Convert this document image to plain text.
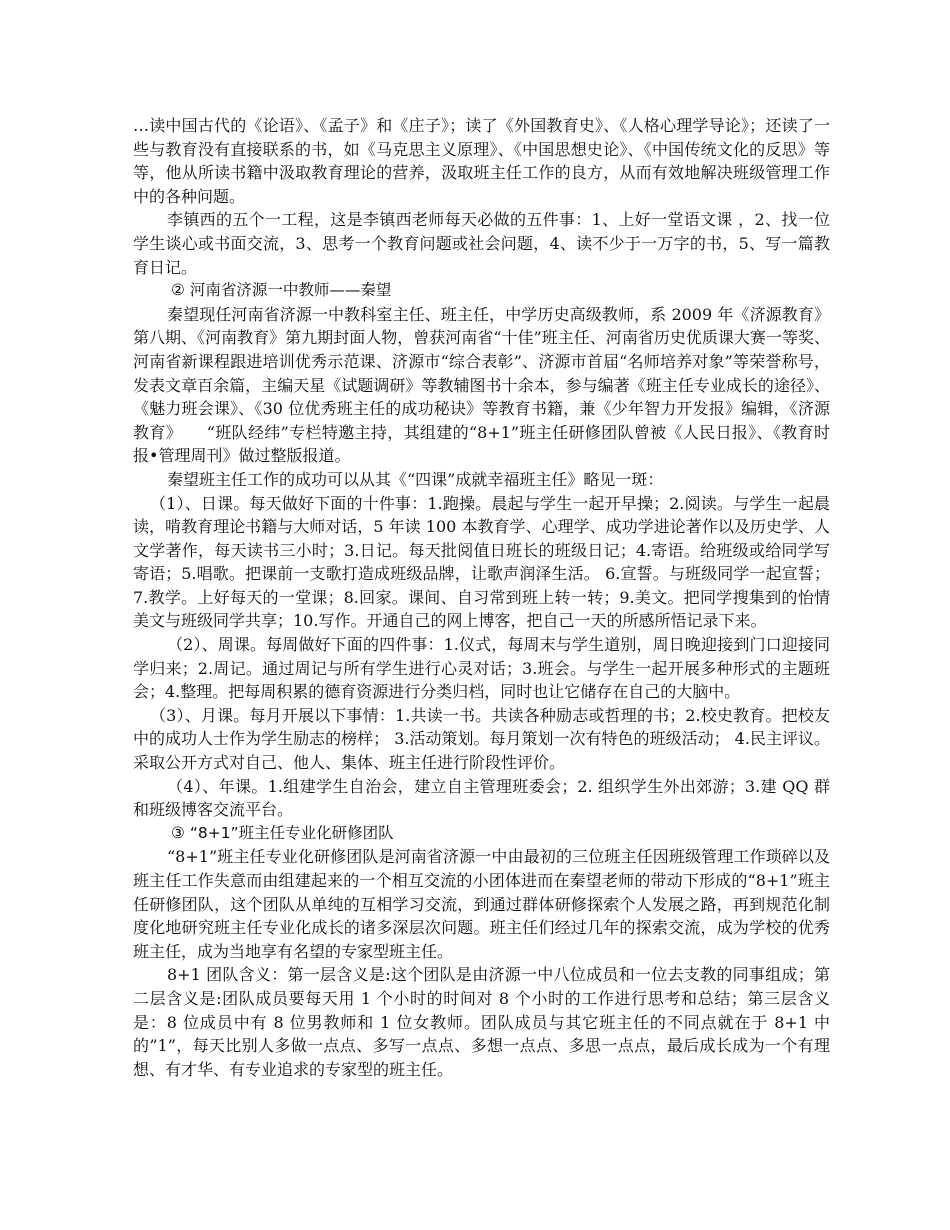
…读中国古代的《论语》、《孟子》和《庄子》；读了《外国教育史》、《人格心理学导论》；还读了一些与教育没有直接联系的书，如《马克思主义原理》、《中国思想史论》、《中国传统文化的反思》等等，他从所读书籍中汲取教育理论的营养，汲取班主任工作的良方，从而有效地解决班级管理工作中的各种问题。

李镇西的五个一工程，这是李镇西老师每天必做的五件事：1、上好一堂语文课 ，2、找一位学生谈心或书面交流，3、思考一个教育问题或社会问题，4、读不少于一万字的书，5、写一篇教育日记。

② 河南省济源一中教师——秦望

秦望现任河南省济源一中教科室主任、班主任，中学历史高级教师，系 2009 年《济源教育》第八期、《河南教育》第九期封面人物，曾获河南省“十佳”班主任、河南省历史优质课大赛一等奖、河南省新课程跟进培训优秀示范课、济源市“综合表彰”、济源市首届“名师培养对象”等荣誉称号，发表文章百余篇，主编天星《试题调研》等教辅图书十余本，参与编著《班主任专业成长的途径》、《魅力班会课》、《30 位优秀班主任的成功秘诀》等教育书籍，兼《少年智力开发报》编辑，《济源教育》　　“班队经纬”专栏特邀主持，其组建的“8+1”班主任研修团队曾被《人民日报》、《教育时报•管理周刊》做过整版报道。

秦望班主任工作的成功可以从其《“四课”成就幸福班主任》略见一斑：

（1）、日课。每天做好下面的十件事：1.跑操。晨起与学生一起开早操；2.阅读。与学生一起晨读，啃教育理论书籍与大师对话，5 年读 100 本教育学、心理学、成功学进论著作以及历史学、人文学著作，每天读书三小时；3.日记。每天批阅值日班长的班级日记；4.寄语。给班级或给同学写寄语；5.唱歌。把课前一支歌打造成班级品牌，让歌声润泽生活。 6.宣誓。与班级同学一起宣誓；7.教学。上好每天的一堂课；8.回家。课间、自习常到班上转一转；9.美文。把同学搜集到的怡情美文与班级同学共享；10.写作。开通自己的网上博客，把自己一天的所感所悟记录下来。

（2）、周课。每周做好下面的四件事：1.仪式，每周末与学生道别，周日晚迎接到门口迎接同学归来；2.周记。通过周记与所有学生进行心灵对话；3.班会。与学生一起开展多种形式的主题班会；4.整理。把每周积累的德育资源进行分类归档，同时也让它储存在自己的大脑中。

（3）、月课。每月开展以下事情：1.共读一书。共读各种励志或哲理的书；2.校史教育。把校友中的成功人士作为学生励志的榜样； 3.活动策划。每月策划一次有特色的班级活动； 4.民主评议。采取公开方式对自己、他人、集体、班主任进行阶段性评价。

（4）、年课。1.组建学生自治会，建立自主管理班委会；2. 组织学生外出郊游；3.建 QQ 群和班级博客交流平台。

③ “8+1”班主任专业化研修团队

“8+1”班主任专业化研修团队是河南省济源一中由最初的三位班主任因班级管理工作琐碎以及班主任工作失意而由组建起来的一个相互交流的小团体进而在秦望老师的带动下形成的“8+1”班主任研修团队，这个团队从单纯的互相学习交流，到通过群体研修探索个人发展之路，再到规范化制度化地研究班主任专业化成长的诸多深层次问题。班主任们经过几年的探索交流，成为学校的优秀班主任，成为当地享有名望的专家型班主任。

8+1 团队含义：第一层含义是:这个团队是由济源一中八位成员和一位去支教的同事组成；第二层含义是:团队成员要每天用 1 个小时的时间对 8 个小时的工作进行思考和总结；第三层含义是：8 位成员中有 8 位男教师和 1 位女教师。团队成员与其它班主任的不同点就在于 8+1 中的”1”，每天比别人多做一点点、多写一点点、多想一点点、多思一点点，最后成长成为一个有理想、有才华、有专业追求的专家型的班主任。
